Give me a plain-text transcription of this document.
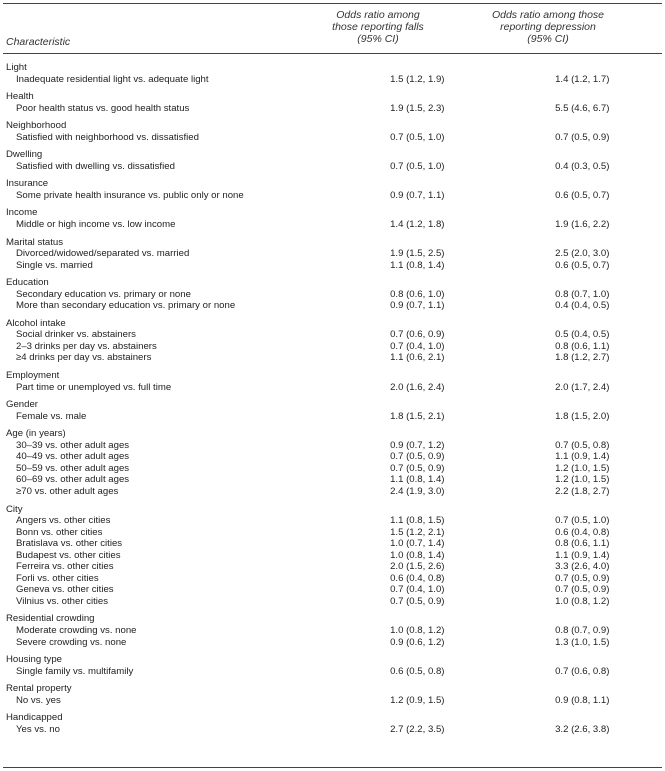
Characteristic
Odds ratio among
those reporting falls
(95% CI)
Odds ratio among those
reporting depression
(95% CI)
Light		
Inadequate residential light vs. adequate light	1.5 (1.2, 1.9)	1.4 (1.2, 1.7)

Health		
Poor health status vs. good health status	1.9 (1.5, 2.3)	5.5 (4.6, 6.7)

Neighborhood		
Satisfied with neighborhood vs. dissatisfied	0.7 (0.5, 1.0)	0.7 (0.5, 0.9)

Dwelling		
Satisfied with dwelling vs. dissatisfied	0.7 (0.5, 1.0)	0.4 (0.3, 0.5)

Insurance		
Some private health insurance vs. public only or none	0.9 (0.7, 1.1)	0.6 (0.5, 0.7)

Income		
Middle or high income vs. low income	1.4 (1.2, 1.8)	1.9 (1.6, 2.2)

Marital status		
Divorced/widowed/separated vs. married	1.9 (1.5, 2.5)	2.5 (2.0, 3.0)
Single vs. married	1.1 (0.8, 1.4)	0.6 (0.5, 0.7)

Education		
Secondary education vs. primary or none	0.8 (0.6, 1.0)	0.8 (0.7, 1.0)
More than secondary education vs. primary or none	0.9 (0.7, 1.1)	0.4 (0.4, 0.5)

Alcohol intake		
Social drinker vs. abstainers	0.7 (0.6, 0.9)	0.5 (0.4, 0.5)
2–3 drinks per day vs. abstainers	0.7 (0.4, 1.0)	0.8 (0.6, 1.1)
≥4 drinks per day vs. abstainers	1.1 (0.6, 2.1)	1.8 (1.2, 2.7)

Employment		
Part time or unemployed vs. full time	2.0 (1.6, 2.4)	2.0 (1.7, 2.4)

Gender		
Female vs. male	1.8 (1.5, 2.1)	1.8 (1.5, 2.0)

Age (in years)		
30–39 vs. other adult ages	0.9 (0.7, 1.2)	0.7 (0.5, 0.8)
40–49 vs. other adult ages	0.7 (0.5, 0.9)	1.1 (0.9, 1.4)
50–59 vs. other adult ages	0.7 (0.5, 0.9)	1.2 (1.0, 1.5)
60–69 vs. other adult ages	1.1 (0.8, 1.4)	1.2 (1.0, 1.5)
≥70 vs. other adult ages	2.4 (1.9, 3.0)	2.2 (1.8, 2.7)

City		
Angers vs. other cities	1.1 (0.8, 1.5)	0.7 (0.5, 1.0)
Bonn vs. other cities	1.5 (1.2, 2.1)	0.6 (0.4, 0.8)
Bratislava vs. other cities	1.0 (0.7, 1.4)	0.8 (0.6, 1.1)
Budapest vs. other cities	1.0 (0.8, 1.4)	1.1 (0.9, 1.4)
Ferreira vs. other cities	2.0 (1.5, 2.6)	3.3 (2.6, 4.0)
Forli vs. other cities	0.6 (0.4, 0.8)	0.7 (0.5, 0.9)
Geneva vs. other cities	0.7 (0.4, 1.0)	0.7 (0.5, 0.9)
Vilnius vs. other cities	0.7 (0.5, 0.9)	1.0 (0.8, 1.2)

Residential crowding		
Moderate crowding vs. none	1.0 (0.8, 1.2)	0.8 (0.7, 0.9)
Severe crowding vs. none	0.9 (0.6, 1.2)	1.3 (1.0, 1.5)

Housing type		
Single family vs. multifamily	0.6 (0.5, 0.8)	0.7 (0.6, 0.8)

Rental property		
No vs. yes	1.2 (0.9, 1.5)	0.9 (0.8, 1.1)

Handicapped		
Yes vs. no	2.7 (2.2, 3.5)	3.2 (2.6, 3.8)
